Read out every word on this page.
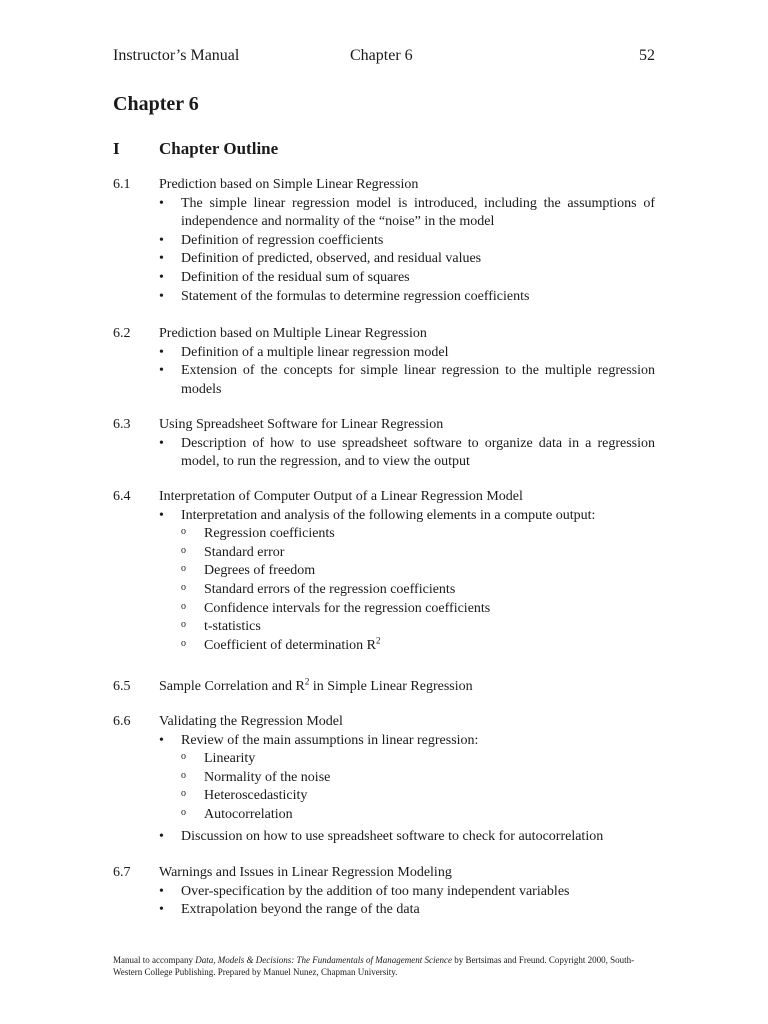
Instructor’s Manual	Chapter 6	52
Chapter 6
I Chapter Outline
6.1	Prediction based on Simple Linear Regression
•	The simple linear regression model is introduced, including the assumptions of independence and normality of the “noise” in the model
•	Definition of regression coefficients
•	Definition of predicted, observed, and residual values
•	Definition of the residual sum of squares
•	Statement of the formulas to determine regression coefficients
6.2	Prediction based on Multiple Linear Regression
•	Definition of a multiple linear regression model
•	Extension of the concepts for simple linear regression to the multiple regression models
6.3	Using Spreadsheet Software for Linear Regression
•	Description of how to use spreadsheet software to organize data in a regression model, to run the regression, and to view the output
6.4	Interpretation of Computer Output of a Linear Regression Model
•	Interpretation and analysis of the following elements in a compute output:
o	Regression coefficients
o	Standard error
o	Degrees of freedom
o	Standard errors of the regression coefficients
o	Confidence intervals for the regression coefficients
o	t-statistics
o	Coefficient of determination $R^2$
6.5	Sample Correlation and $R^2$ in Simple Linear Regression
6.6	Validating the Regression Model
•	Review of the main assumptions in linear regression:
o	Linearity
o	Normality of the noise
o	Heteroscedasticity
o	Autocorrelation
•	Discussion on how to use spreadsheet software to check for autocorrelation
6.7	Warnings and Issues in Linear Regression Modeling
•	Over-specification by the addition of too many independent variables
•	Extrapolation beyond the range of the data
Manual to accompany Data, Models & Decisions: The Fundamentals of Management Science by Bertsimas and Freund. Copyright 2000, South-Western College Publishing. Prepared by Manuel Nunez, Chapman University.
